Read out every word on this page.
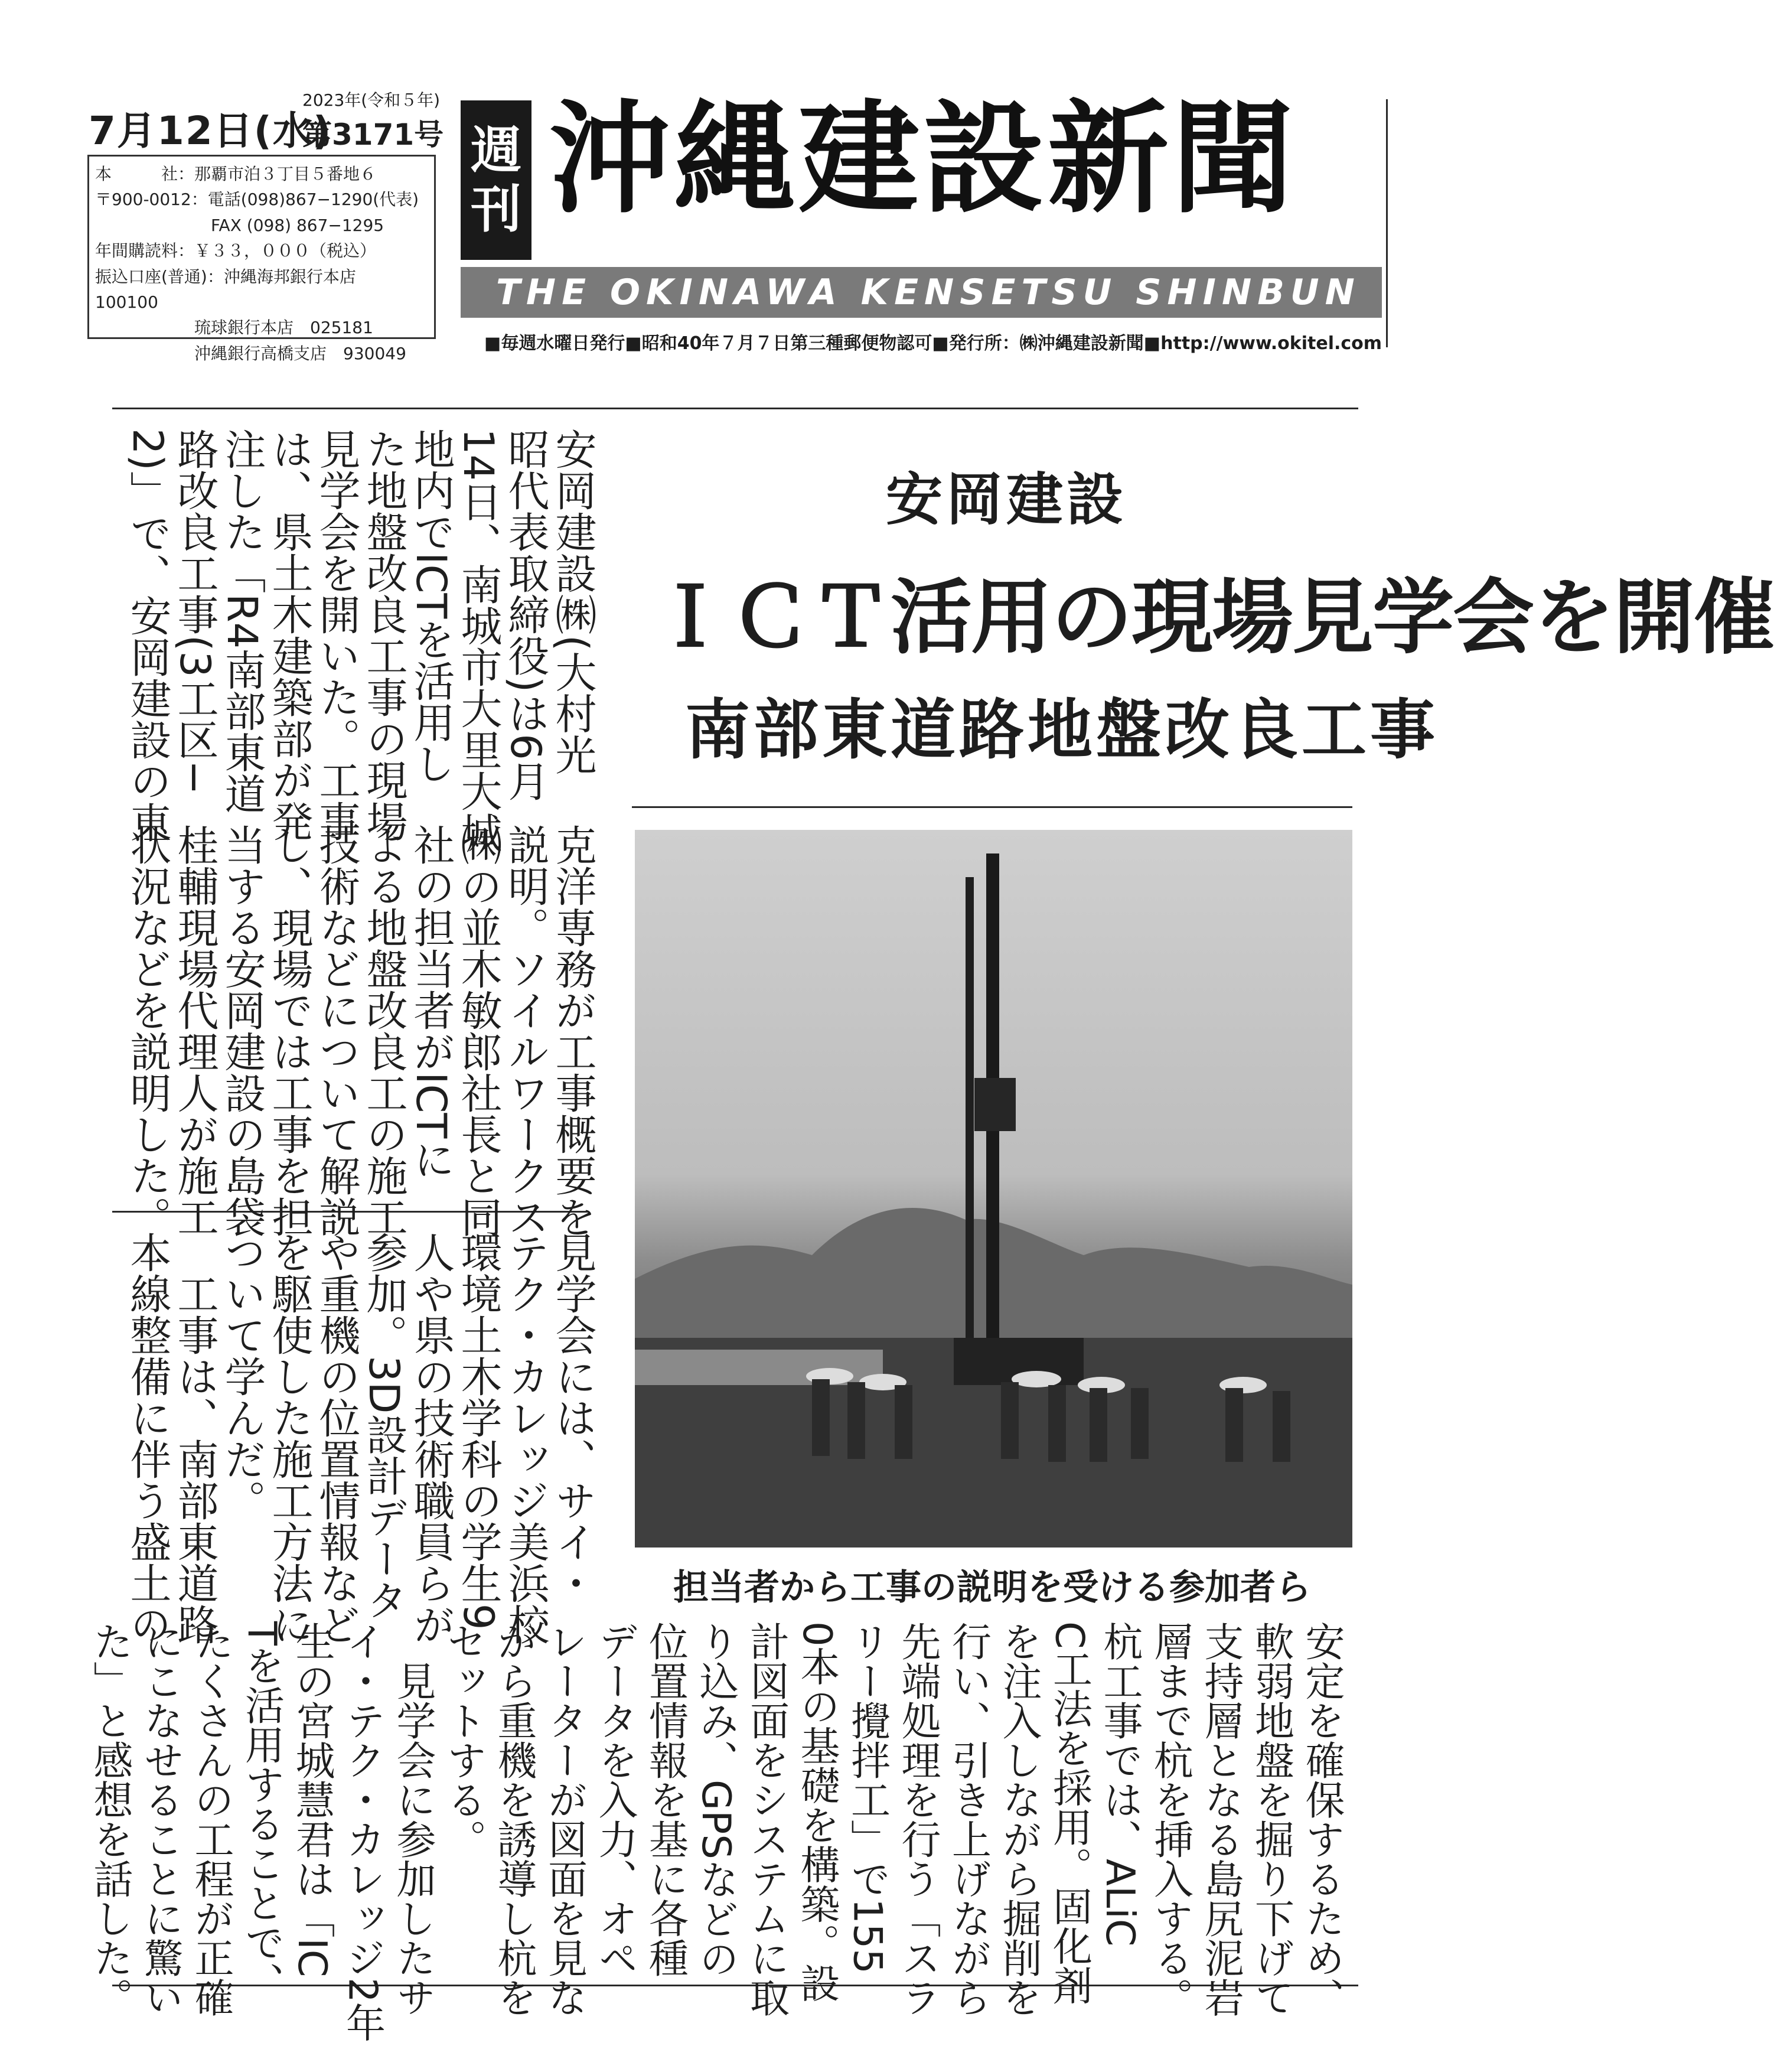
7月12日(水)
2023年(令和５年)
第3171号
本　　　社：那覇市泊３丁目５番地６
〒900-0012：電話(098)867−1290(代表)
　　　　　　　FAX (098) 867−1295
年間購読料：￥３３，０００（税込）
振込口座(普通)：沖縄海邦銀行本店　100100
　　　　　　琉球銀行本店　025181
　　　　　　沖縄銀行高橋支店　930049
週
刊 沖縄建設新聞
THE OKINAWA KENSETSU SHINBUN
■毎週水曜日発行■昭和40年７月７日第三種郵便物認可■発行所：㈱沖縄建設新聞■http://www.okitel.com
安岡建設
ＩＣＴ活用の現場見学会を開催
南部東道路地盤改良工事
担当者から工事の説明を受ける参加者ら
安岡建設㈱(大村光
昭代表取締役)は6月
14日、南城市大里大城
地内でICTを活用し
た地盤改良工事の現場
見学会を開いた。工事
は、県土木建築部が発
注した「R4南部東道
路改良工事(3工区−
2)」で、安岡建設の東
克洋専務が工事概要を
説明。ソイルワークス
㈱の並木敏郎社長と同
社の担当者がICTに
よる地盤改良工の施工
技術などについて解説
し、現場では工事を担
当する安岡建設の島袋
桂輔現場代理人が施工
状況などを説明した。
見学会には、サイ・
テク・カレッジ美浜校
環境土木学科の学生9
人や県の技術職員らが
参加。3D設計データ
や重機の位置情報など
を駆使した施工方法に
ついて学んだ。
　工事は、南部東道路
本線整備に伴う盛土の
安定を確保するため、
軟弱地盤を掘り下げて
支持層となる島尻泥岩
層まで杭を挿入する。
杭工事では、ALiC
C工法を採用。固化剤
を注入しながら掘削を
行い、引き上げながら
先端処理を行う「スラ
リー攪拌工」で155
0本の基礎を構築。設
計図面をシステムに取
り込み、GPSなどの
位置情報を基に各種
データを入力、オペ
レーターが図面を見な
がら重機を誘導し杭を
セットする。
　見学会に参加したサ
イ・テク・カレッジ2年
生の宮城慧君は「IC
Tを活用することで、
たくさんの工程が正確
にこなせることに驚い
た」と感想を話した。
